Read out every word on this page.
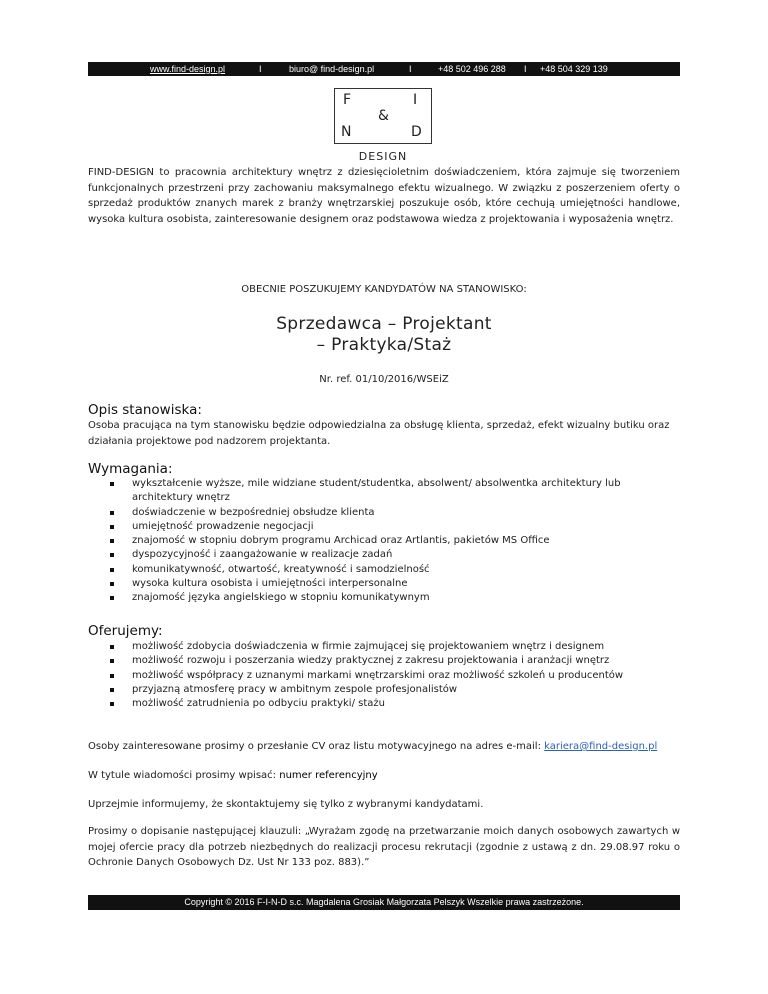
www.find-design.pl	I	biuro@ find-design.pl	I	+48 502 496 288 I +48 504 329 139
F	I
&
N	D
DESIGN

FIND-DESIGN to pracownia architektury wnętrz z dziesięcioletnim doświadczeniem, która zajmuje się tworzeniem funkcjonalnych przestrzeni przy zachowaniu maksymalnego efektu wizualnego. W związku z poszerzeniem oferty o sprzedaż produktów znanych marek z branży wnętrzarskiej poszukuje osób, które cechują umiejętności handlowe, wysoka kultura osobista, zainteresowanie designem oraz podstawowa wiedza z projektowania i wyposażenia wnętrz.

OBECNIE POSZUKUJEMY KANDYDATÓW NA STANOWISKO:

Sprzedawca – Projektant
– Praktyka/Staż

Nr. ref. 01/10/2016/WSEiZ

Opis stanowiska:

Osoba pracująca na tym stanowisku będzie odpowiedzialna za obsługę klienta, sprzedaż, efekt wizualny butiku oraz działania projektowe pod nadzorem projektanta.

Wymagania:
wykształcenie wyższe, mile widziane student/studentka, absolwent/ absolwentka architektury lub architektury wnętrz
doświadczenie w bezpośredniej obsłudze klienta
umiejętność prowadzenie negocjacji
znajomość w stopniu dobrym programu Archicad oraz Artlantis, pakietów MS Office
dyspozycyjność i zaangażowanie w realizacje zadań
komunikatywność, otwartość, kreatywność i samodzielność
wysoka kultura osobista i umiejętności interpersonalne
znajomość języka angielskiego w stopniu komunikatywnym
Oferujemy:
możliwość zdobycia doświadczenia w firmie zajmującej się projektowaniem wnętrz i designem
możliwość rozwoju i poszerzania wiedzy praktycznej z zakresu projektowania i aranżacji wnętrz
możliwość współpracy z uznanymi markami wnętrzarskimi oraz możliwość szkoleń u producentów
przyjazną atmosferę pracy w ambitnym zespole profesjonalistów
możliwość zatrudnienia po odbyciu praktyki/ stażu

Osoby zainteresowane prosimy o przesłanie CV oraz listu motywacyjnego na adres e-mail: kariera@find-design.pl

W tytule wiadomości prosimy wpisać: numer referencyjny

Uprzejmie informujemy, że skontaktujemy się tylko z wybranymi kandydatami.

Prosimy o dopisanie następującej klauzuli: „Wyrażam zgodę na przetwarzanie moich danych osobowych zawartych w mojej ofercie pracy dla potrzeb niezbędnych do realizacji procesu rekrutacji (zgodnie z ustawą z dn. 29.08.97 roku o Ochronie Danych Osobowych Dz. Ust Nr 133 poz. 883).”

Copyright © 2016 F-I-N-D s.c. Magdalena Grosiak Małgorzata Pelszyk Wszelkie prawa zastrzeżone.
